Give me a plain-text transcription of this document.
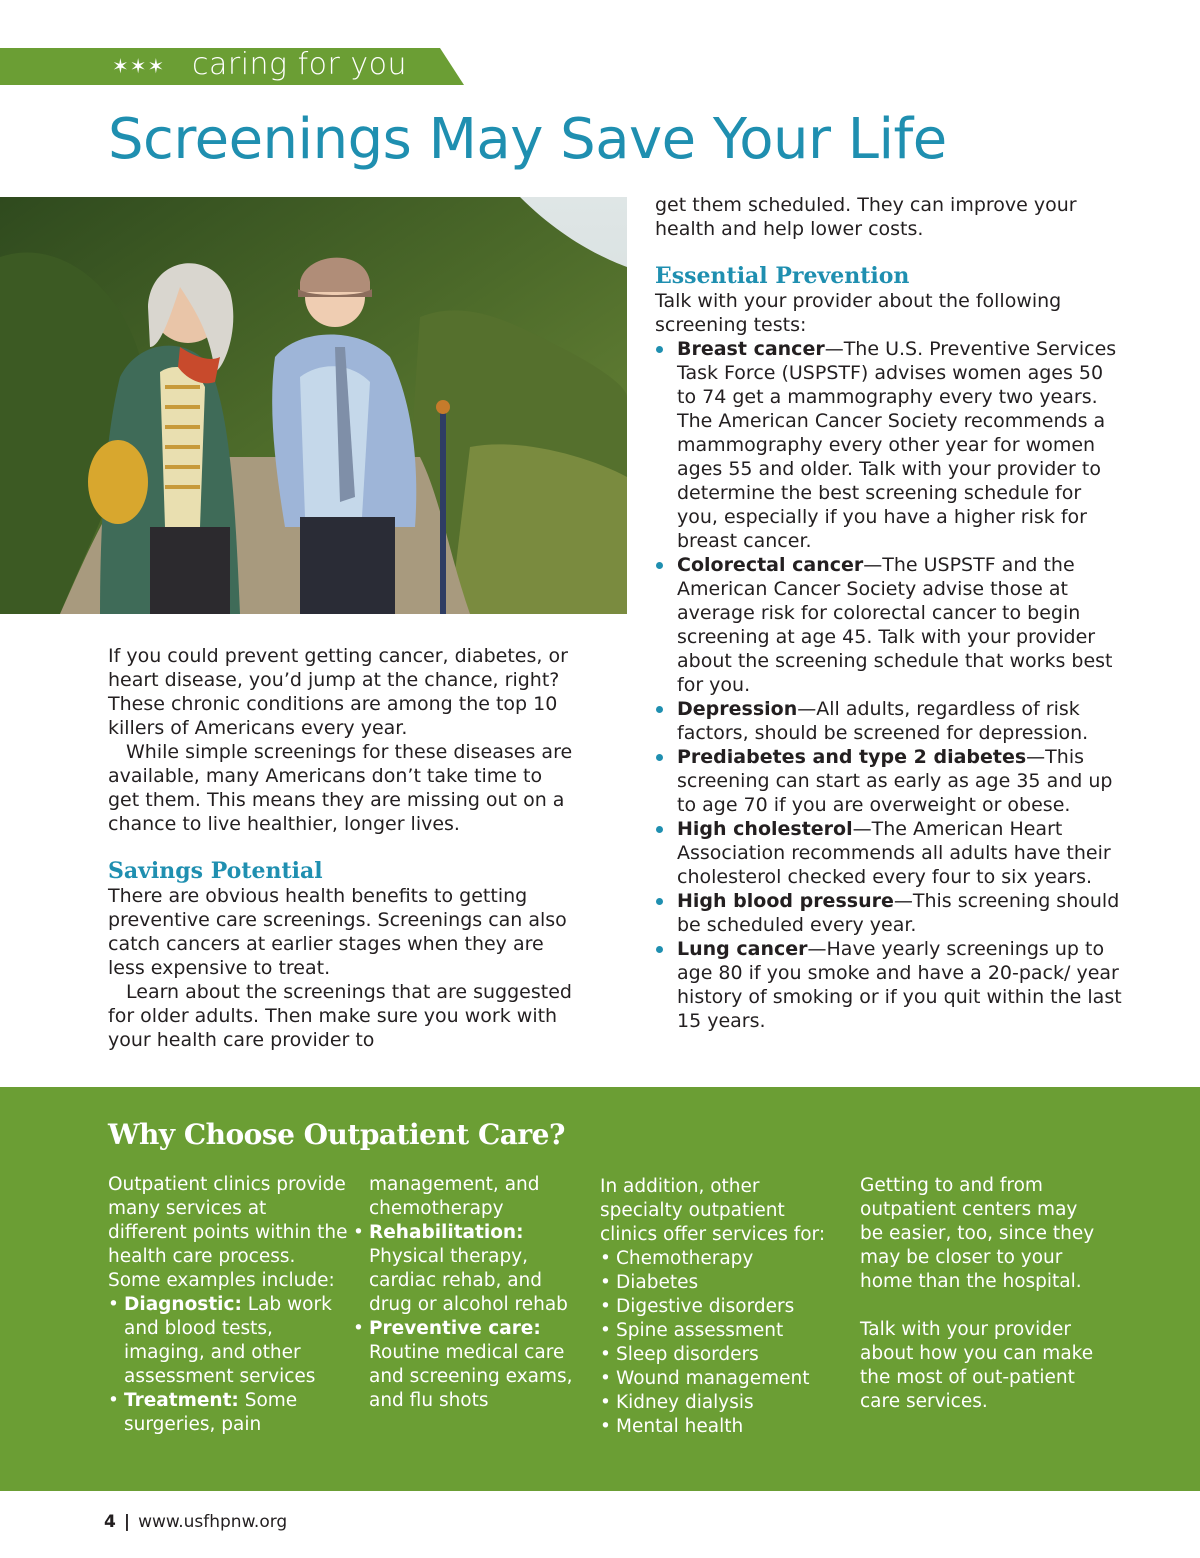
✶✶✶ caring for you
Screenings May Save Your Life

If you could prevent getting cancer, diabetes, or heart disease, you’d jump at the chance, right? These chronic conditions are among the top 10 killers of Americans every year.

While simple screenings for these diseases are available, many Americans don’t take time to get them. This means they are missing out on a chance to live healthier, longer lives.

Savings Potential

There are obvious health benefits to getting preventive care screenings. Screenings can also catch cancers at earlier stages when they are less expensive to treat.

Learn about the screenings that are suggested for older adults. Then make sure you work with your health care provider to

get them scheduled. They can improve your health and help lower costs.

Essential Prevention

Talk with your provider about the following screening tests:

Breast cancer—The U.S. Preventive Services Task Force (USPSTF) advises women ages 50 to 74 get a mammography every two years. The American Cancer Society recommends a mammography every other year for women ages 55 and older. Talk with your provider to determine the best screening schedule for you, especially if you have a higher risk for breast cancer.
Colorectal cancer—The USPSTF and the American Cancer Society advise those at average risk for colorectal cancer to begin screening at age 45. Talk with your provider about the screening schedule that works best for you.
Depression—All adults, regardless of risk factors, should be screened for depression.
Prediabetes and type 2 diabetes—This screening can start as early as age 35 and up to age 70 if you are overweight or obese.
High cholesterol—The American Heart Association recommends all adults have their cholesterol checked every four to six years.
High blood pressure—This screening should be scheduled every year.
Lung cancer—Have yearly screenings up to age 80 if you smoke and have a 20-pack/ year history of smoking or if you quit within the last 15 years.
Why Choose Outpatient Care?

Outpatient clinics provide many services at different points within the health care process. Some examples include:

• Diagnostic: Lab work and blood tests, imaging, and other assessment services
• Treatment: Some surgeries, pain

management, and chemotherapy

• Rehabilitation: Physical therapy, cardiac rehab, and drug or alcohol rehab
• Preventive care: Routine medical care and screening exams, and flu shots

In addition, other specialty outpatient clinics offer services for:

• Chemotherapy
• Diabetes
• Digestive disorders
• Spine assessment
• Sleep disorders
• Wound management
• Kidney dialysis
• Mental health

Getting to and from outpatient centers may be easier, too, since they may be closer to your home than the hospital.

Talk with your provider about how you can make the most of out-patient care services.

4 | www.usfhpnw.org
